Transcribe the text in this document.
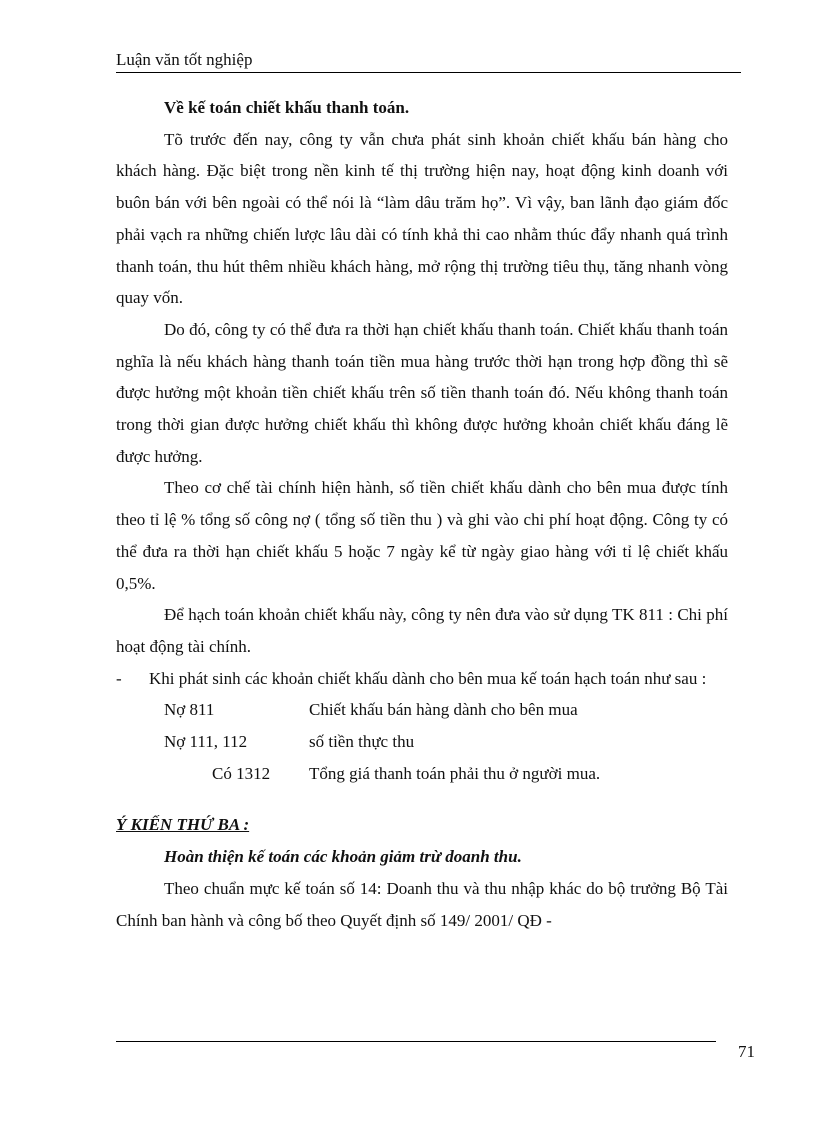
Luận văn tốt nghiệp

Về kế toán chiết khấu thanh toán.

Tõ trước đến nay, công ty vẫn chưa phát sinh khoản chiết khấu bán hàng cho khách hàng. Đặc biệt trong nền kinh tế thị trường hiện nay, hoạt động kinh doanh với buôn bán với bên ngoài có thể nói là “làm dâu trăm họ”. Vì vậy, ban lãnh đạo giám đốc phải vạch ra những chiến lược lâu dài có tính khả thi cao nhằm thúc đẩy nhanh quá trình thanh toán, thu hút thêm nhiều khách hàng, mở rộng thị trường tiêu thụ, tăng nhanh vòng quay vốn.

Do đó, công ty có thể đưa ra thời hạn chiết khấu thanh toán. Chiết khấu thanh toán nghĩa là nếu khách hàng thanh toán tiền mua hàng trước thời hạn trong hợp đồng thì sẽ được hưởng một khoản tiền chiết khấu trên số tiền thanh toán đó. Nếu không thanh toán trong thời gian được hưởng chiết khấu thì không được hưởng khoản chiết khấu đáng lẽ được hưởng.

Theo cơ chế tài chính hiện hành, số tiền chiết khấu dành cho bên mua được tính theo tỉ lệ % tổng số công nợ ( tổng số tiền thu ) và ghi vào chi phí hoạt động. Công ty có thể đưa ra thời hạn chiết khấu 5 hoặc 7 ngày kể từ ngày giao hàng với tỉ lệ chiết khấu 0,5%.

Để hạch toán khoản chiết khấu này, công ty nên đưa vào sử dụng TK 811 : Chi phí hoạt động tài chính.

- Khi phát sinh các khoản chiết khấu dành cho bên mua kế toán hạch toán như sau :

Nợ 811	Chiết khấu bán hàng dành cho bên mua
Nợ 111, 112	số tiền thực thu
Có 1312	Tổng giá thanh toán phải thu ở người mua.
Ý KIẾN THỨ BA :
Hoàn thiện kế toán các khoản giảm trừ doanh thu.

Theo chuẩn mực kế toán số 14: Doanh thu và thu nhập khác do bộ trưởng Bộ Tài Chính ban hành và công bố theo Quyết định số 149/ 2001/ QĐ -

71
